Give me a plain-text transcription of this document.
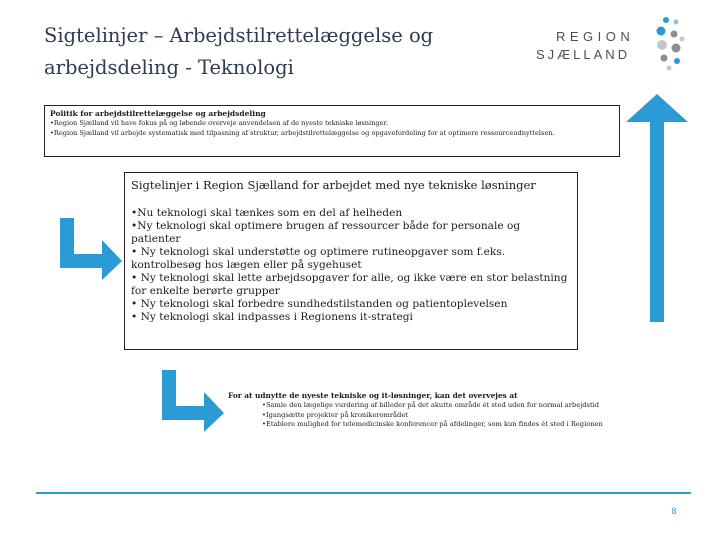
Sigtelinjer – Arbejdstilrettelæggelse og arbejdsdeling - Teknologi
REGION
SJÆLLAND
Politik for arbejdstilrettelæggelse og arbejdsdeling
•Region Sjælland vil have fokus på og løbende overveje anvendelsen af de nyeste tekniske løsninger.
•Region Sjælland vil arbejde systematisk med tilpasning af struktur, arbejdstilrettelæggelse og opgavefordeling for at optimere ressourceudnyttelsen.
Sigtelinjer i Region Sjælland for arbejdet med nye tekniske løsninger
•Nu teknologi skal tænkes som en del af helheden
•Ny teknologi skal optimere brugen af ressourcer både for personale og patienter
• Ny teknologi skal understøtte og optimere rutineopgaver som f.eks. kontrolbesøg hos lægen eller på sygehuset
• Ny teknologi skal lette arbejdsopgaver for alle, og ikke være en stor belastning for enkelte berørte grupper
• Ny teknologi skal forbedre sundhedstilstanden og patientoplevelsen
• Ny teknologi skal indpasses i Regionens it-strategi
For at udnytte de nyeste tekniske og it-løsninger, kan det overvejes at
•Samle den lægelige vurdering af billeder på det akutte område ét sted uden for normal arbejdstid
•Igangsætte projekter på kronikerområdet
•Etablere mulighed for telemedicinske konferencer på afdelinger, som kun findes ét sted i Regionen
8
